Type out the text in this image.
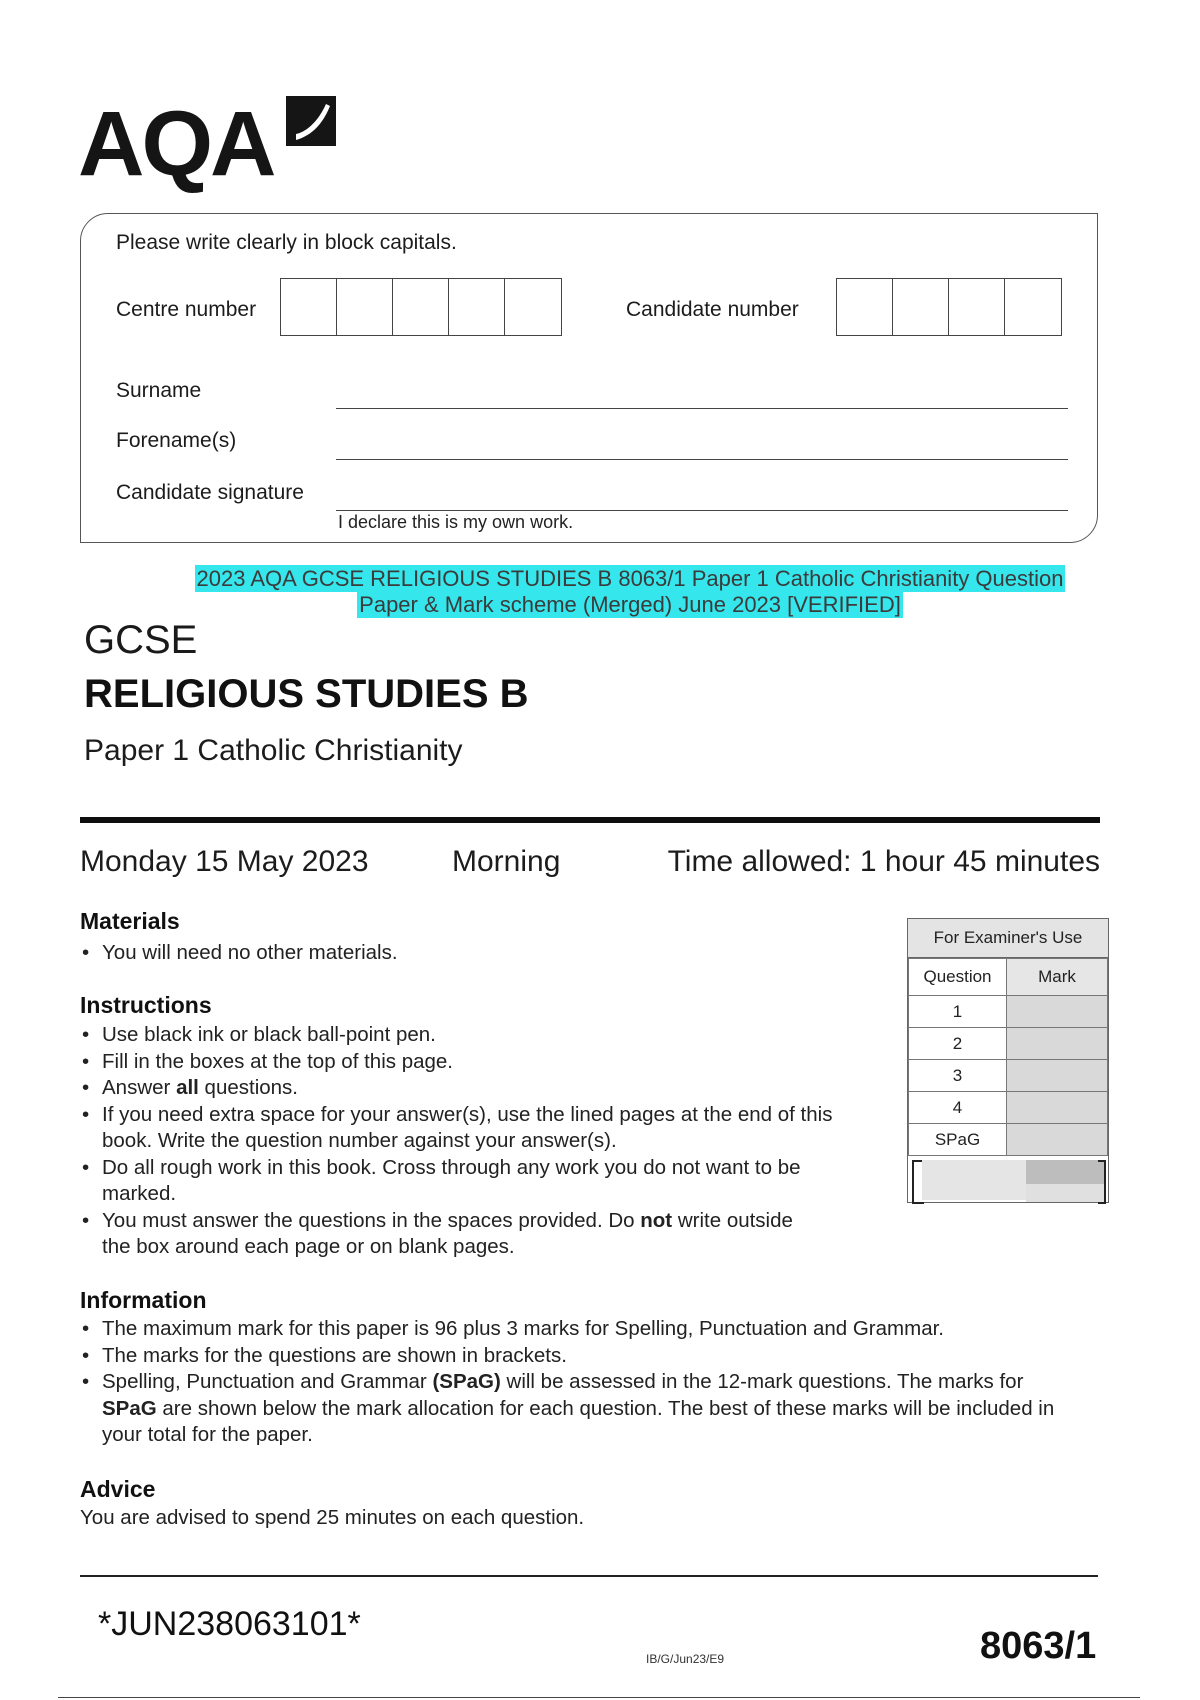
AQA
Please write clearly in block capitals.
Centre number	Candidate number
Surname
Forename(s)
Candidate signature
I declare this is my own work.
2023 AQA GCSE RELIGIOUS STUDIES B 8063/1 Paper 1 Catholic Christianity Question
Paper & Mark scheme (Merged) June 2023 [VERIFIED]
GCSE
RELIGIOUS STUDIES B
Paper 1 Catholic Christianity
Monday 15 May 2023	Morning	Time allowed: 1 hour 45 minutes
Materials
• You will need no other materials.
Instructions
• Use black ink or black ball-point pen.
• Fill in the boxes at the top of this page.
• Answer all questions.
• If you need extra space for your answer(s), use the lined pages at the end of this book. Write the question number against your answer(s).
• Do all rough work in this book. Cross through any work you do not want to be marked.
• You must answer the questions in the spaces provided. Do not write outside the box around each page or on blank pages.
For Examiner's Use
Question	Mark
1	
2	
3	
4	
SPaG	
Information
• The maximum mark for this paper is 96 plus 3 marks for Spelling, Punctuation and Grammar.
• The marks for the questions are shown in brackets.
• Spelling, Punctuation and Grammar (SPaG) will be assessed in the 12-mark questions. The marks for SPaG are shown below the mark allocation for each question. The best of these marks will be included in your total for the paper.
Advice
You are advised to spend 25 minutes on each question.
*JUN238063101*
IB/G/Jun23/E9	8063/1
